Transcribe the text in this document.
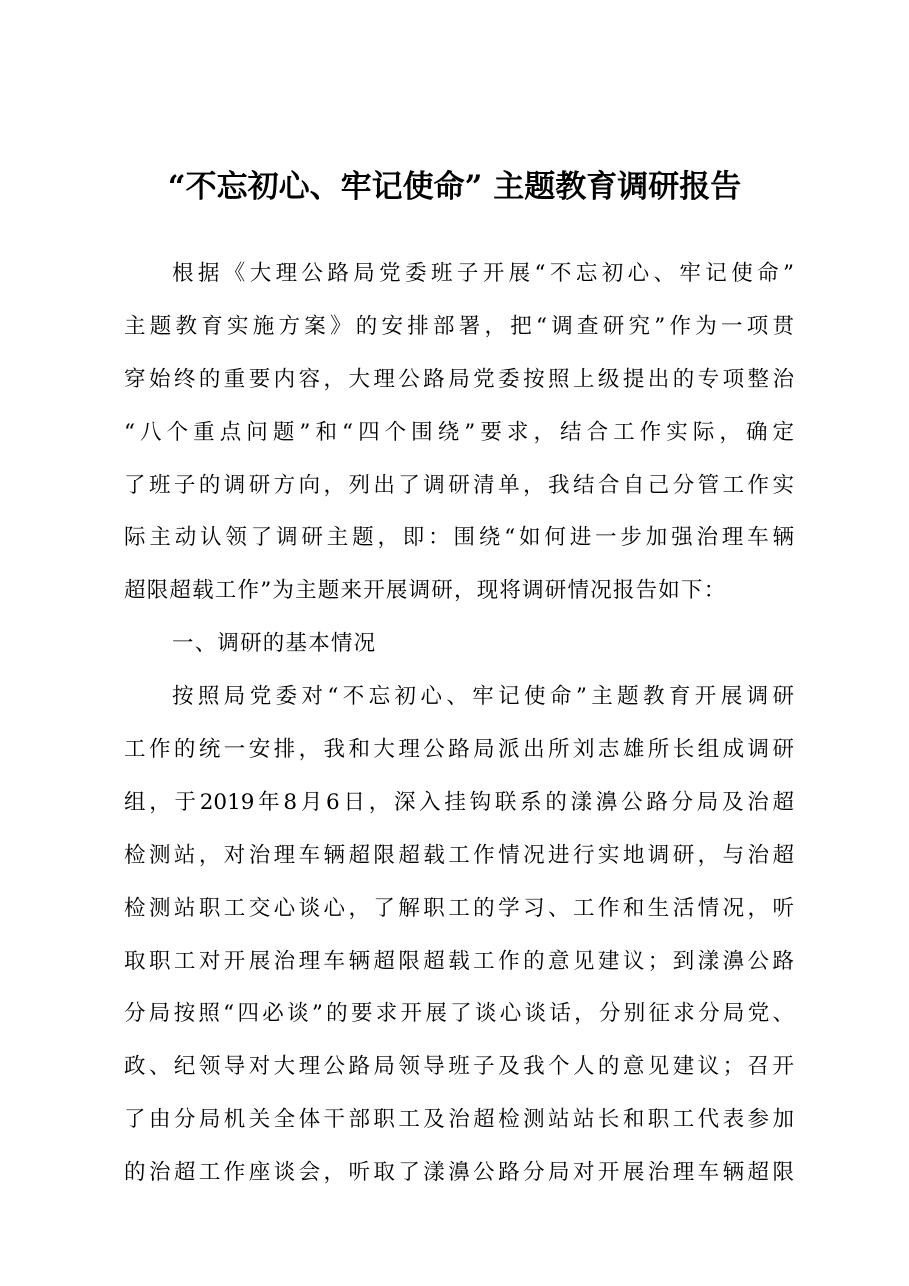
“不忘初心、牢记使命” 主题教育调研报告
根据《大理公路局党委班子开展“不忘初心、牢记使命”
主题教育实施方案》的安排部署，把“调查研究”作为一项贯
穿始终的重要内容，大理公路局党委按照上级提出的专项整治
“八个重点问题”和“四个围绕”要求，结合工作实际，确定
了班子的调研方向，列出了调研清单，我结合自己分管工作实
际主动认领了调研主题，即：围绕“如何进一步加强治理车辆
超限超载工作”为主题来开展调研，现将调研情况报告如下：
一、调研的基本情况
按照局党委对“不忘初心、牢记使命”主题教育开展调研
工作的统一安排，我和大理公路局派出所刘志雄所长组成调研
组，于2019年8月6日，深入挂钩联系的漾濞公路分局及治超
检测站，对治理车辆超限超载工作情况进行实地调研，与治超
检测站职工交心谈心，了解职工的学习、工作和生活情况，听
取职工对开展治理车辆超限超载工作的意见建议；到漾濞公路
分局按照“四必谈”的要求开展了谈心谈话，分别征求分局党、
政、纪领导对大理公路局领导班子及我个人的意见建议；召开
了由分局机关全体干部职工及治超检测站站长和职工代表参加
的治超工作座谈会，听取了漾濞公路分局对开展治理车辆超限
